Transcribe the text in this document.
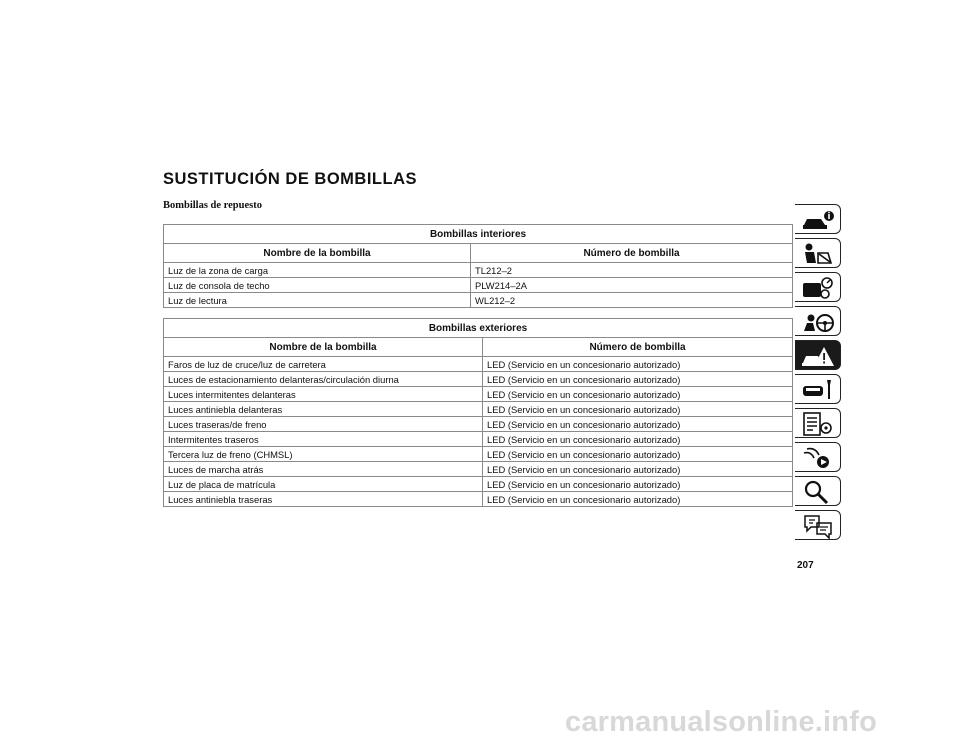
SUSTITUCIÓN DE BOMBILLAS
Bombillas de repuesto
Bombillas interiores	
Nombre de la bombilla	Número de bombilla
Luz de la zona de carga	TL212–2
Luz de consola de techo	PLW214–2A
Luz de lectura	WL212–2
Bombillas exteriores	
Nombre de la bombilla	Número de bombilla
Faros de luz de cruce/luz de carretera	LED (Servicio en un concesionario autorizado)
Luces de estacionamiento delanteras/circulación diurna	LED (Servicio en un concesionario autorizado)
Luces intermitentes delanteras	LED (Servicio en un concesionario autorizado)
Luces antiniebla delanteras	LED (Servicio en un concesionario autorizado)
Luces traseras/de freno	LED (Servicio en un concesionario autorizado)
Intermitentes traseros	LED (Servicio en un concesionario autorizado)
Tercera luz de freno (CHMSL)	LED (Servicio en un concesionario autorizado)
Luces de marcha atrás	LED (Servicio en un concesionario autorizado)
Luz de placa de matrícula	LED (Servicio en un concesionario autorizado)
Luces antiniebla traseras	LED (Servicio en un concesionario autorizado)

207

carmanualsonline.info
